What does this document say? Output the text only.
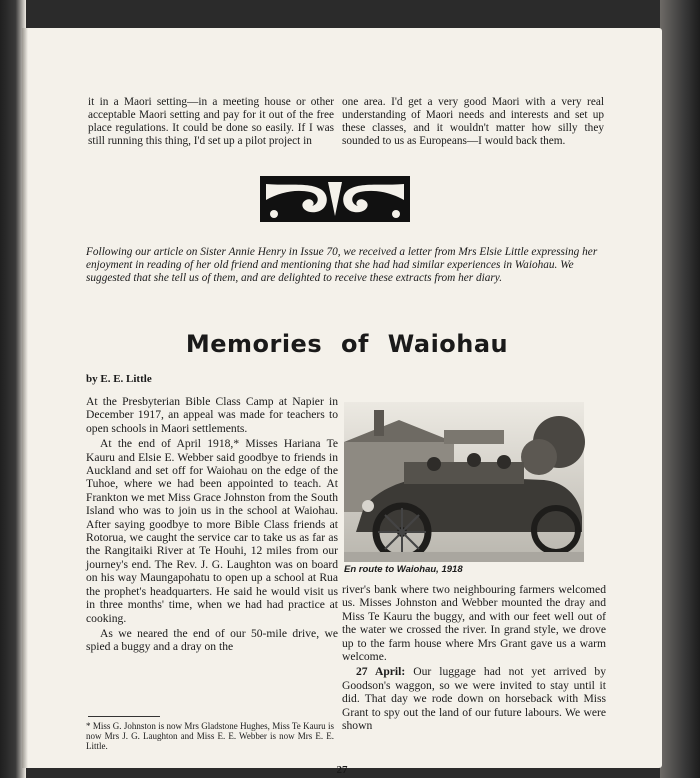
it in a Maori setting—in a meeting house or other acceptable Maori setting and pay for it out of the free place regulations. It could be done so easily. If I was still running this thing, I'd set up a pilot project in

one area. I'd get a very good Maori with a very real understanding of Maori needs and interests and set up these classes, and it wouldn't matter how silly they sounded to us as Europeans—I would back them.

Following our article on Sister Annie Henry in Issue 70, we received a letter from Mrs Elsie Little expressing her enjoyment in reading of her old friend and mentioning that she had had similar experiences in Waiohau. We suggested that she tell us of them, and are delighted to receive these extracts from her diary.
Memories of Waiohau
by E. E. Little

At the Presbyterian Bible Class Camp at Napier in December 1917, an appeal was made for teachers to open schools in Maori settlements.

At the end of April 1918,* Misses Hariana Te Kauru and Elsie E. Webber said goodbye to friends in Auckland and set off for Waiohau on the edge of the Tuhoe, where we had been appointed to teach. At Frankton we met Miss Grace Johnston from the South Island who was to join us in the school at Waiohau. After saying goodbye to more Bible Class friends at Rotorua, we caught the service car to take us as far as the Rangitaiki River at Te Houhi, 12 miles from our journey's end. The Rev. J. G. Laughton was on board on his way Maungapohatu to open up a school at Rua the prophet's headquarters. He said he would visit us in three months' time, when we had had practice at cooking.

As we neared the end of our 50-mile drive, we spied a buggy and a dray on the

En route to Waiohau, 1918

river's bank where two neighbouring farmers welcomed us. Misses Johnston and Webber mounted the dray and Miss Te Kauru the buggy, and with our feet well out of the water we crossed the river. In grand style, we drove up to the farm house where Mrs Grant gave us a warm welcome.

27 April: Our luggage had not yet arrived by Goodson's waggon, so we were invited to stay until it did. That day we rode down on horseback with Miss Grant to spy out the land of our future labours. We were shown

* Miss G. Johnston is now Mrs Gladstone Hughes, Miss Te Kauru is now Mrs J. G. Laughton and Miss E. E. Webber is now Mrs E. E. Little.
27
